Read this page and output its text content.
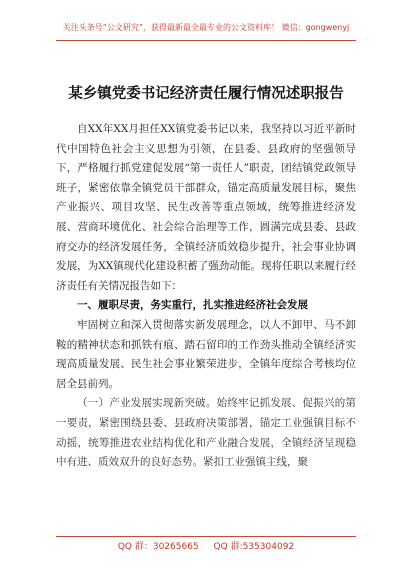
关注头条号“公文研究”，获得最新最全最专业的公文资料库！ 微信：gongwenyj
某乡镇党委书记经济责任履行情况述职报告

自XX年XX月担任XX镇党委书记以来，我坚持以习近平新时代中国特色社会主义思想为引领，在县委、县政府的坚强领导下，严格履行抓党建促发展“第一责任人”职责，团结镇党政领导班子，紧密依靠全镇党员干部群众，锚定高质量发展目标，聚焦产业振兴、项目攻坚、民生改善等重点领域，统筹推进经济发展、营商环境优化、社会综合治理等工作，圆满完成县委、县政府交办的经济发展任务，全镇经济质效稳步提升，社会事业协调发展，为XX镇现代化建设积蓄了强劲动能。现将任职以来履行经济责任有关情况报告如下：

一、履职尽责，务实重行，扎实推进经济社会发展

牢固树立和深入贯彻落实新发展理念，以人不卸甲、马不卸鞍的精神状态和抓铁有痕、踏石留印的工作劲头推动全镇经济实现高质量发展、民生社会事业繁荣进步，全镇年度综合考核均位居全县前列。

（一）产业发展实现新突破。始终牢记抓发展、促振兴的第一要责，紧密围绕县委、县政府决策部署，锚定工业强镇目标不动摇，统筹推进农业结构优化和产业融合发展，全镇经济呈现稳中有进、质效双升的良好态势。紧扣工业强镇主线，聚

QQ 群：30265665 QQ 群:535304092
